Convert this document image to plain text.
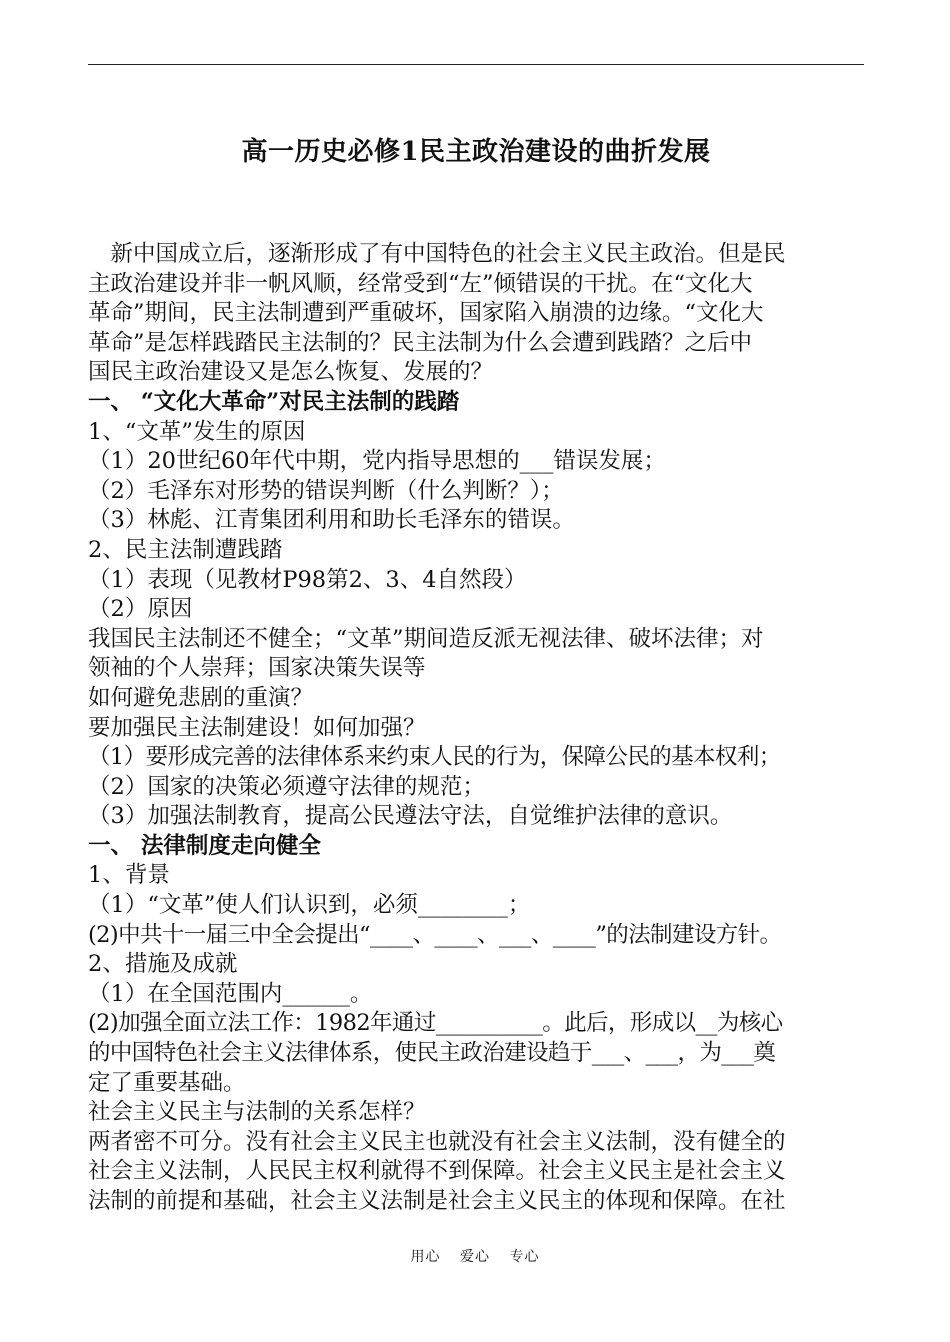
高一历史必修1民主政治建设的曲折发展
　新中国成立后，逐渐形成了有中国特色的社会主义民主政治。但是民
主政治建设并非一帆风顺，经常受到“左”倾错误的干扰。在“文化大
革命”期间，民主法制遭到严重破坏，国家陷入崩溃的边缘。“文化大
革命”是怎样践踏民主法制的？民主法制为什么会遭到践踏？之后中
国民主政治建设又是怎么恢复、发展的？
一、 “文化大革命”对民主法制的践踏
1、“文革”发生的原因
（1）20世纪60年代中期，党内指导思想的___错误发展；
（2）毛泽东对形势的错误判断（什么判断？）；
（3）林彪、江青集团利用和助长毛泽东的错误。
2、民主法制遭践踏
（1）表现（见教材P98第2、3、4自然段）
（2）原因
我国民主法制还不健全；“文革”期间造反派无视法律、破坏法律；对
领袖的个人崇拜；国家决策失误等
如何避免悲剧的重演？
要加强民主法制建设！如何加强？
（1）要形成完善的法律体系来约束人民的行为，保障公民的基本权利；
（2）国家的决策必须遵守法律的规范；
（3）加强法制教育，提高公民遵法守法，自觉维护法律的意识。
一、 法律制度走向健全
1、背景
（1）“文革”使人们认识到，必须________；
(2)中共十一届三中全会提出“____、____、___、____”的法制建设方针。
2、措施及成就
（1）在全国范围内______。
(2)加强全面立法工作：1982年通过__________。此后，形成以__为核心
的中国特色社会主义法律体系，使民主政治建设趋于___、___，为___奠
定了重要基础。
社会主义民主与法制的关系怎样？
两者密不可分。没有社会主义民主也就没有社会主义法制，没有健全的
社会主义法制，人民民主权利就得不到保障。社会主义民主是社会主义
法制的前提和基础，社会主义法制是社会主义民主的体现和保障。在社
用心 爱心 专心
